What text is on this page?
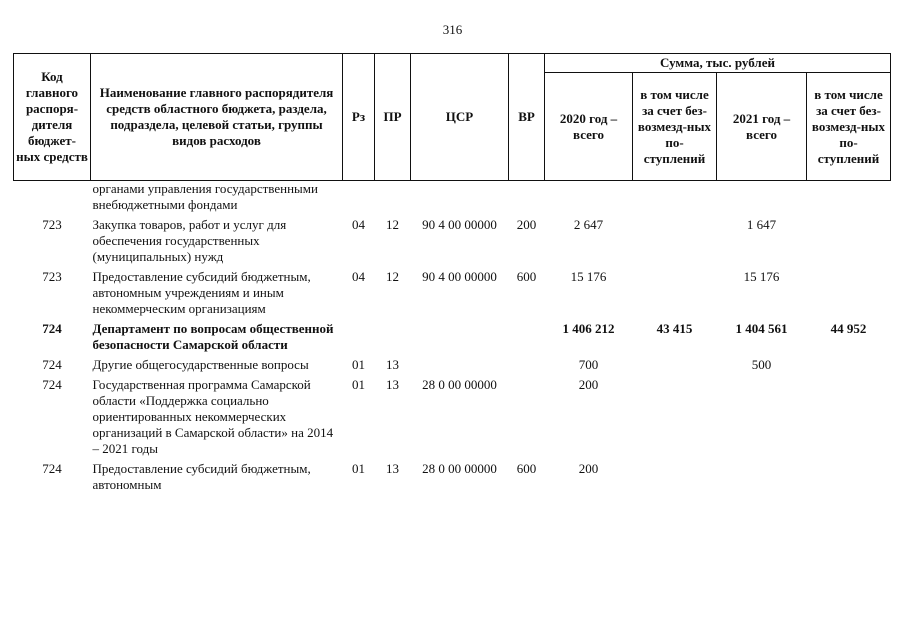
316
Код главного распоря-дителя бюджет-ных средств	Наименование главного распорядителя средств областного бюджета, раздела, подраздела, целевой статьи, группы видов расходов	Рз	ПР	ЦСР	ВР	Сумма, тыс. рублей			
						2020 год – всего	в том числе за счет без-возмезд-ных по-ступлений	2021 год – всего	в том числе за счет без-возмезд-ных по-ступлений
	органами управления государственными внебюджетными фондами								
723	Закупка товаров, работ и услуг для обеспечения государственных (муниципальных) нужд	04	12	90 4 00 00000	200	2 647		1 647	
723	Предоставление субсидий бюджетным, автономным учреждениям и иным некоммерческим организациям	04	12	90 4 00 00000	600	15 176		15 176	
724	Департамент по вопросам общественной безопасности Самарской области					1 406 212	43 415	1 404 561	44 952
724	Другие общегосударственные вопросы	01	13			700		500	
724	Государственная программа Самарской области «Поддержка социально ориентированных некоммерческих организаций в Самарской области» на 2014 – 2021 годы	01	13	28 0 00 00000		200			
724	Предоставление субсидий бюджетным, автономным	01	13	28 0 00 00000	600	200			
